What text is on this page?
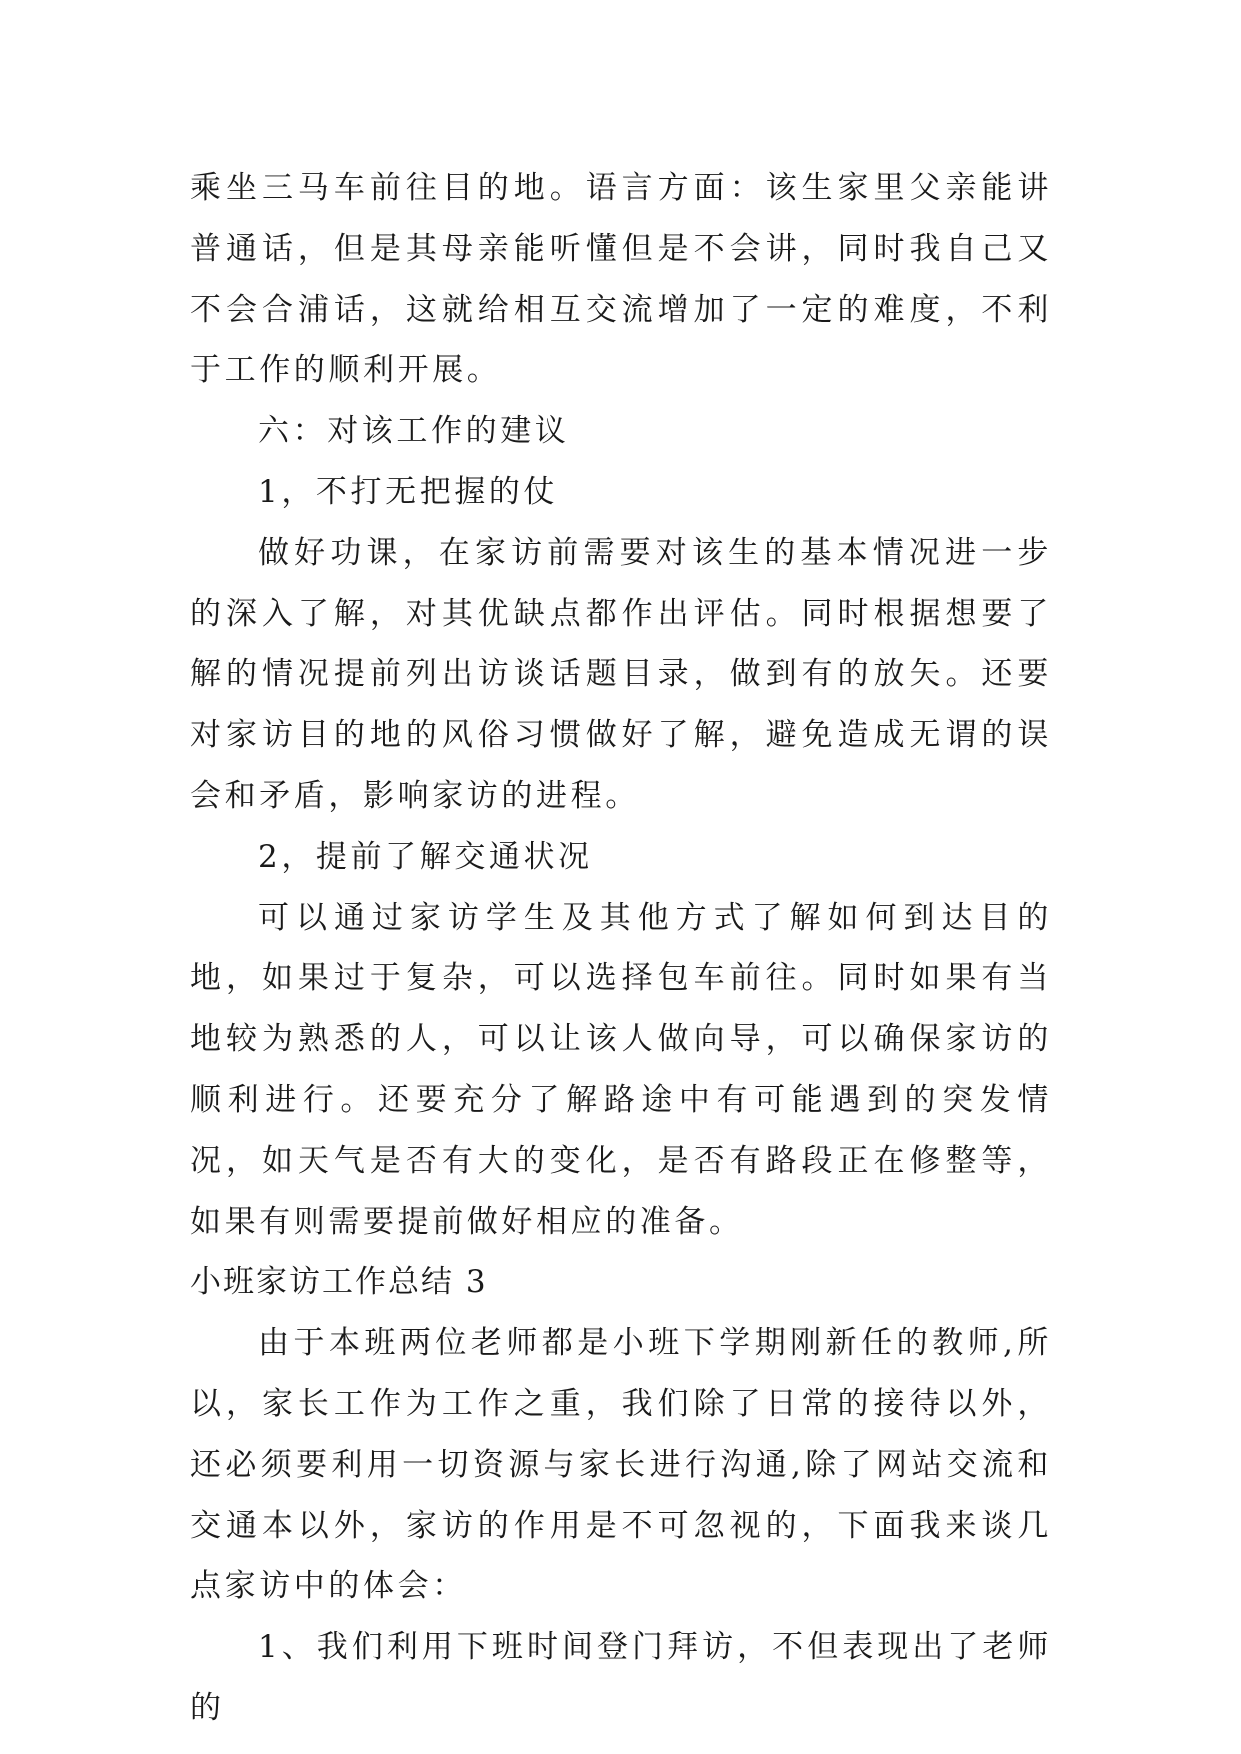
乘坐三马车前往目的地。语言方面：该生家里父亲能讲普通话，但是其母亲能听懂但是不会讲，同时我自己又不会合浦话，这就给相互交流增加了一定的难度，不利于工作的顺利开展。

六：对该工作的建议

1，不打无把握的仗

做好功课，在家访前需要对该生的基本情况进一步的深入了解，对其优缺点都作出评估。同时根据想要了解的情况提前列出访谈话题目录，做到有的放矢。还要对家访目的地的风俗习惯做好了解，避免造成无谓的误会和矛盾，影响家访的进程。

2，提前了解交通状况

可以通过家访学生及其他方式了解如何到达目的地，如果过于复杂，可以选择包车前往。同时如果有当地较为熟悉的人，可以让该人做向导，可以确保家访的顺利进行。还要充分了解路途中有可能遇到的突发情况，如天气是否有大的变化，是否有路段正在修整等，如果有则需要提前做好相应的准备。

小班家访工作总结 3

由于本班两位老师都是小班下学期刚新任的教师,所以，家长工作为工作之重，我们除了日常的接待以外，还必须要利用一切资源与家长进行沟通,除了网站交流和交通本以外，家访的作用是不可忽视的，下面我来谈几点家访中的体会：

1、我们利用下班时间登门拜访，不但表现出了老师的
